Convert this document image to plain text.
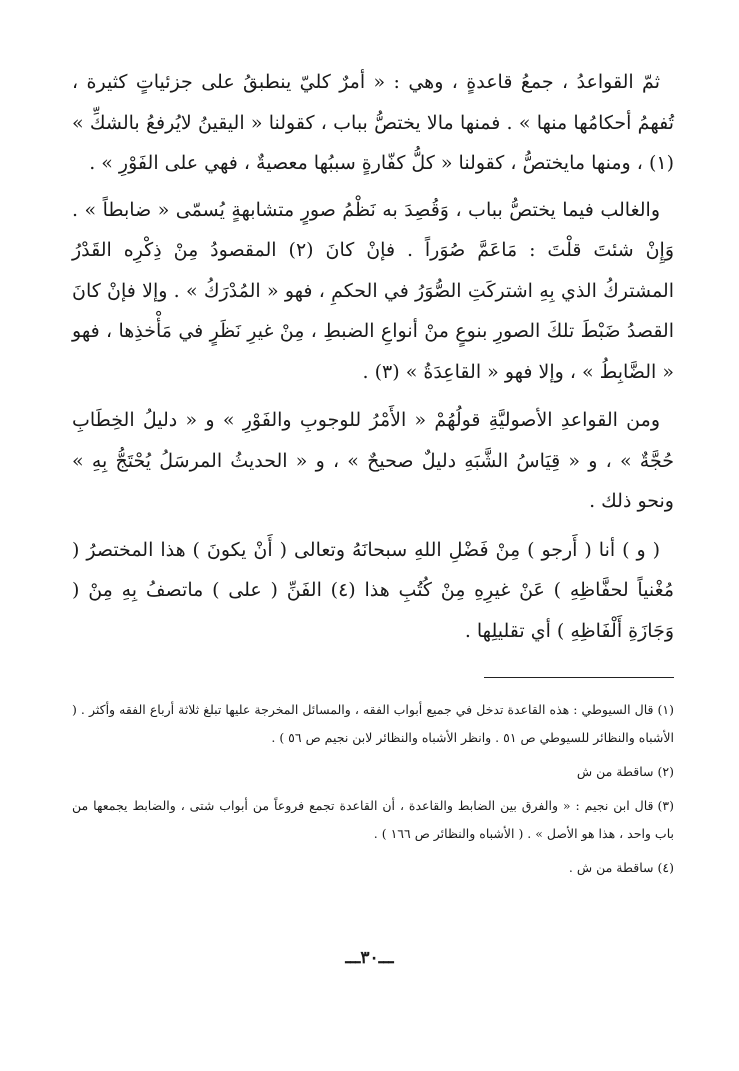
ثمّ القواعدُ ، جمعُ قاعدةٍ ، وهي : « أمرٌ كليّ ينطبقُ على جزئياتٍ كثيرة ، تُفهمُ أحكامُها منها » . فمنها مالا يختصُّ بباب ، كقولنا « اليقينُ لايُرفعُ بالشكِّ » (١) ، ومنها مايختصُّ ، كقولنا « كلُّ كفّارةٍ سببُها معصيةٌ ، فهي على الفَوْرِ » .

والغالب فيما يختصُّ بباب ، وَقُصِدَ به نَظْمُ صورٍ متشابهةٍ يُسمّى « ضابطاً » . وَإِنْ شئتَ قلْتَ : مَاعَمَّ صُوَراً . فإنْ كانَ (٢) المقصودُ مِنْ ذِكْرِه القَدْرُ المشتركُ الذي بِهِ اشتركَتِ الصُّوَرُ في الحكمِ ، فهو « المُدْرَكُ » . وإلا فإنْ كانَ القصدُ ضَبْطَ تلكَ الصورِ بنوعٍ منْ أنواعِ الضبطِ ، مِنْ غيرِ نَظَرٍ في مَأْخذِها ، فهو « الضَّابِطُ » ، وإلا فهو « القاعِدَةُ » (٣) .

ومن القواعدِ الأصوليَّةِ قولُهُمْ « الأَمْرُ للوجوبِ والفَوْرِ » و « دليلُ الخِطَابِ حُجَّةٌ » ، و « قِيَاسُ الشَّبَهِ دليلٌ صحيحٌ » ، و « الحديثُ المرسَلُ يُحْتَجُّ بِهِ » ونحو ذلك .

( و ) أنا ( أَرجو ) مِنْ فَضْلِ اللهِ سبحانَهُ وتعالى ( أَنْ يكونَ ) هذا المختصرُ ( مُغْنياً لحفَّاظِهِ ) عَنْ غيرِهِ مِنْ كُتُبِ هذا (٤) الفَنِّ ( على ) ماتصفُ بِهِ مِنْ ( وَجَازَةِ أَلْفَاظِهِ ) أي تقليلِها .

(١)قال السيوطي : هذه القاعدة تدخل في جميع أبواب الفقه ، والمسائل المخرجة عليها تبلغ ثلاثة أرباع الفقه وأكثر . ( الأشباه والنظائر للسيوطي ص ٥١ . وانظر الأشباه والنظائر لابن نجيم ص ٥٦ ) .
(٢)ساقطة من ش
(٣)قال ابن نجيم : « والفرق بين الضابط والقاعدة ، أن القاعدة تجمع فروعاً من أبواب شتى ، والضابط يجمعها من باب واحد ، هذا هو الأصل » . ( الأشباه والنظائر ص ١٦٦ ) .
(٤)ساقطة من ش .
ـــ٣٠ـــ
